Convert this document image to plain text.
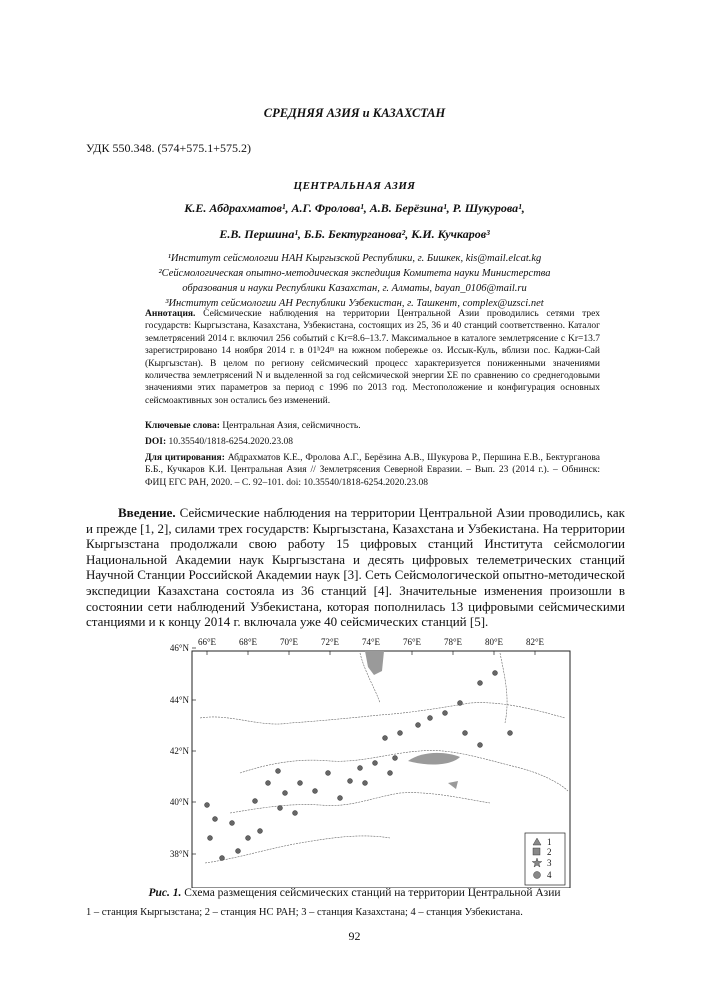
СРЕДНЯЯ АЗИЯ и КАЗАХСТАН
УДК 550.348. (574+575.1+575.2)
ЦЕНТРАЛЬНАЯ АЗИЯ
К.Е. Абдрахматов¹, А.Г. Фролова¹, А.В. Берёзина¹, Р. Шукурова¹,
Е.В. Першина¹, Б.Б. Бектурганова², К.И. Кучкаров³
¹Институт сейсмологии НАН Кыргызской Республики, г. Бишкек, kis@mail.elcat.kg
²Сейсмологическая опытно-методическая экспедиция Комитета науки Министерства
образования и науки Республики Казахстан, г. Алматы, bayan_0106@mail.ru
³Институт сейсмологии АН Республики Узбекистан, г. Ташкент, complex@uzsci.net

Аннотация. Сейсмические наблюдения на территории Центральной Азии проводились сетями трех государств: Кыргызстана, Казахстана, Узбекистана, состоящих из 25, 36 и 40 станций соответственно. Каталог землетрясений 2014 г. включил 256 событий с Kr=8.6–13.7. Максимальное в каталоге землетрясение с Kr=13.7 зарегистрировано 14 ноября 2014 г. в 01ʰ24ᵐ на южном побережье оз. Иссык-Куль, вблизи пос. Каджи-Сай (Кыргызстан). В целом по региону сейсмический процесс характеризуется пониженными значениями количества землетрясений N и выделенной за год сейсмической энергии ΣE по сравнению со среднегодовыми значениями этих параметров за период с 1996 по 2013 год. Местоположение и конфигурация основных сейсмоактивных зон остались без изменений.

Ключевые слова: Центральная Азия, сейсмичность.

DOI: 10.35540/1818-6254.2020.23.08

Для цитирования: Абдрахматов К.Е., Фролова А.Г., Берёзина А.В., Шукурова Р., Першина Е.В., Бектурганова Б.Б., Кучкаров К.И. Центральная Азия // Землетрясения Северной Евразии. – Вып. 23 (2014 г.). – Обнинск: ФИЦ ЕГС РАН, 2020. – С. 92–101. doi: 10.35540/1818-6254.2020.23.08

Введение. Сейсмические наблюдения на территории Центральной Азии проводились, как и прежде [1, 2], силами трех государств: Кыргызстана, Казахстана и Узбекистана. На территории Кыргызстана продолжали свою работу 15 цифровых станций Института сейсмологии Национальной Академии наук Кыргызстана и десять цифровых телеметрических станций Научной Станции Российской Академии наук [3]. Сеть Сейсмологической опытно-методической экспедиции Казахстана состояла из 36 станций [4]. Значительные изменения произошли в состоянии сети наблюдений Узбекистана, которая пополнилась 13 цифровыми сейсмическими станциями и к концу 2014 г. включала уже 40 сейсмических станций [5].

66°E	68°E	70°E	72°E	74°E	76°E	78°E	80°E	82°E
46°N
44°N
42°N
40°N
38°N
1
2
3
4
Рис. 1. Схема размещения сейсмических станций на территории Центральной Азии
1 – станция Кыргызстана; 2 – станция НС РАН; 3 – станция Казахстана; 4 – станция Узбекистана.
92
